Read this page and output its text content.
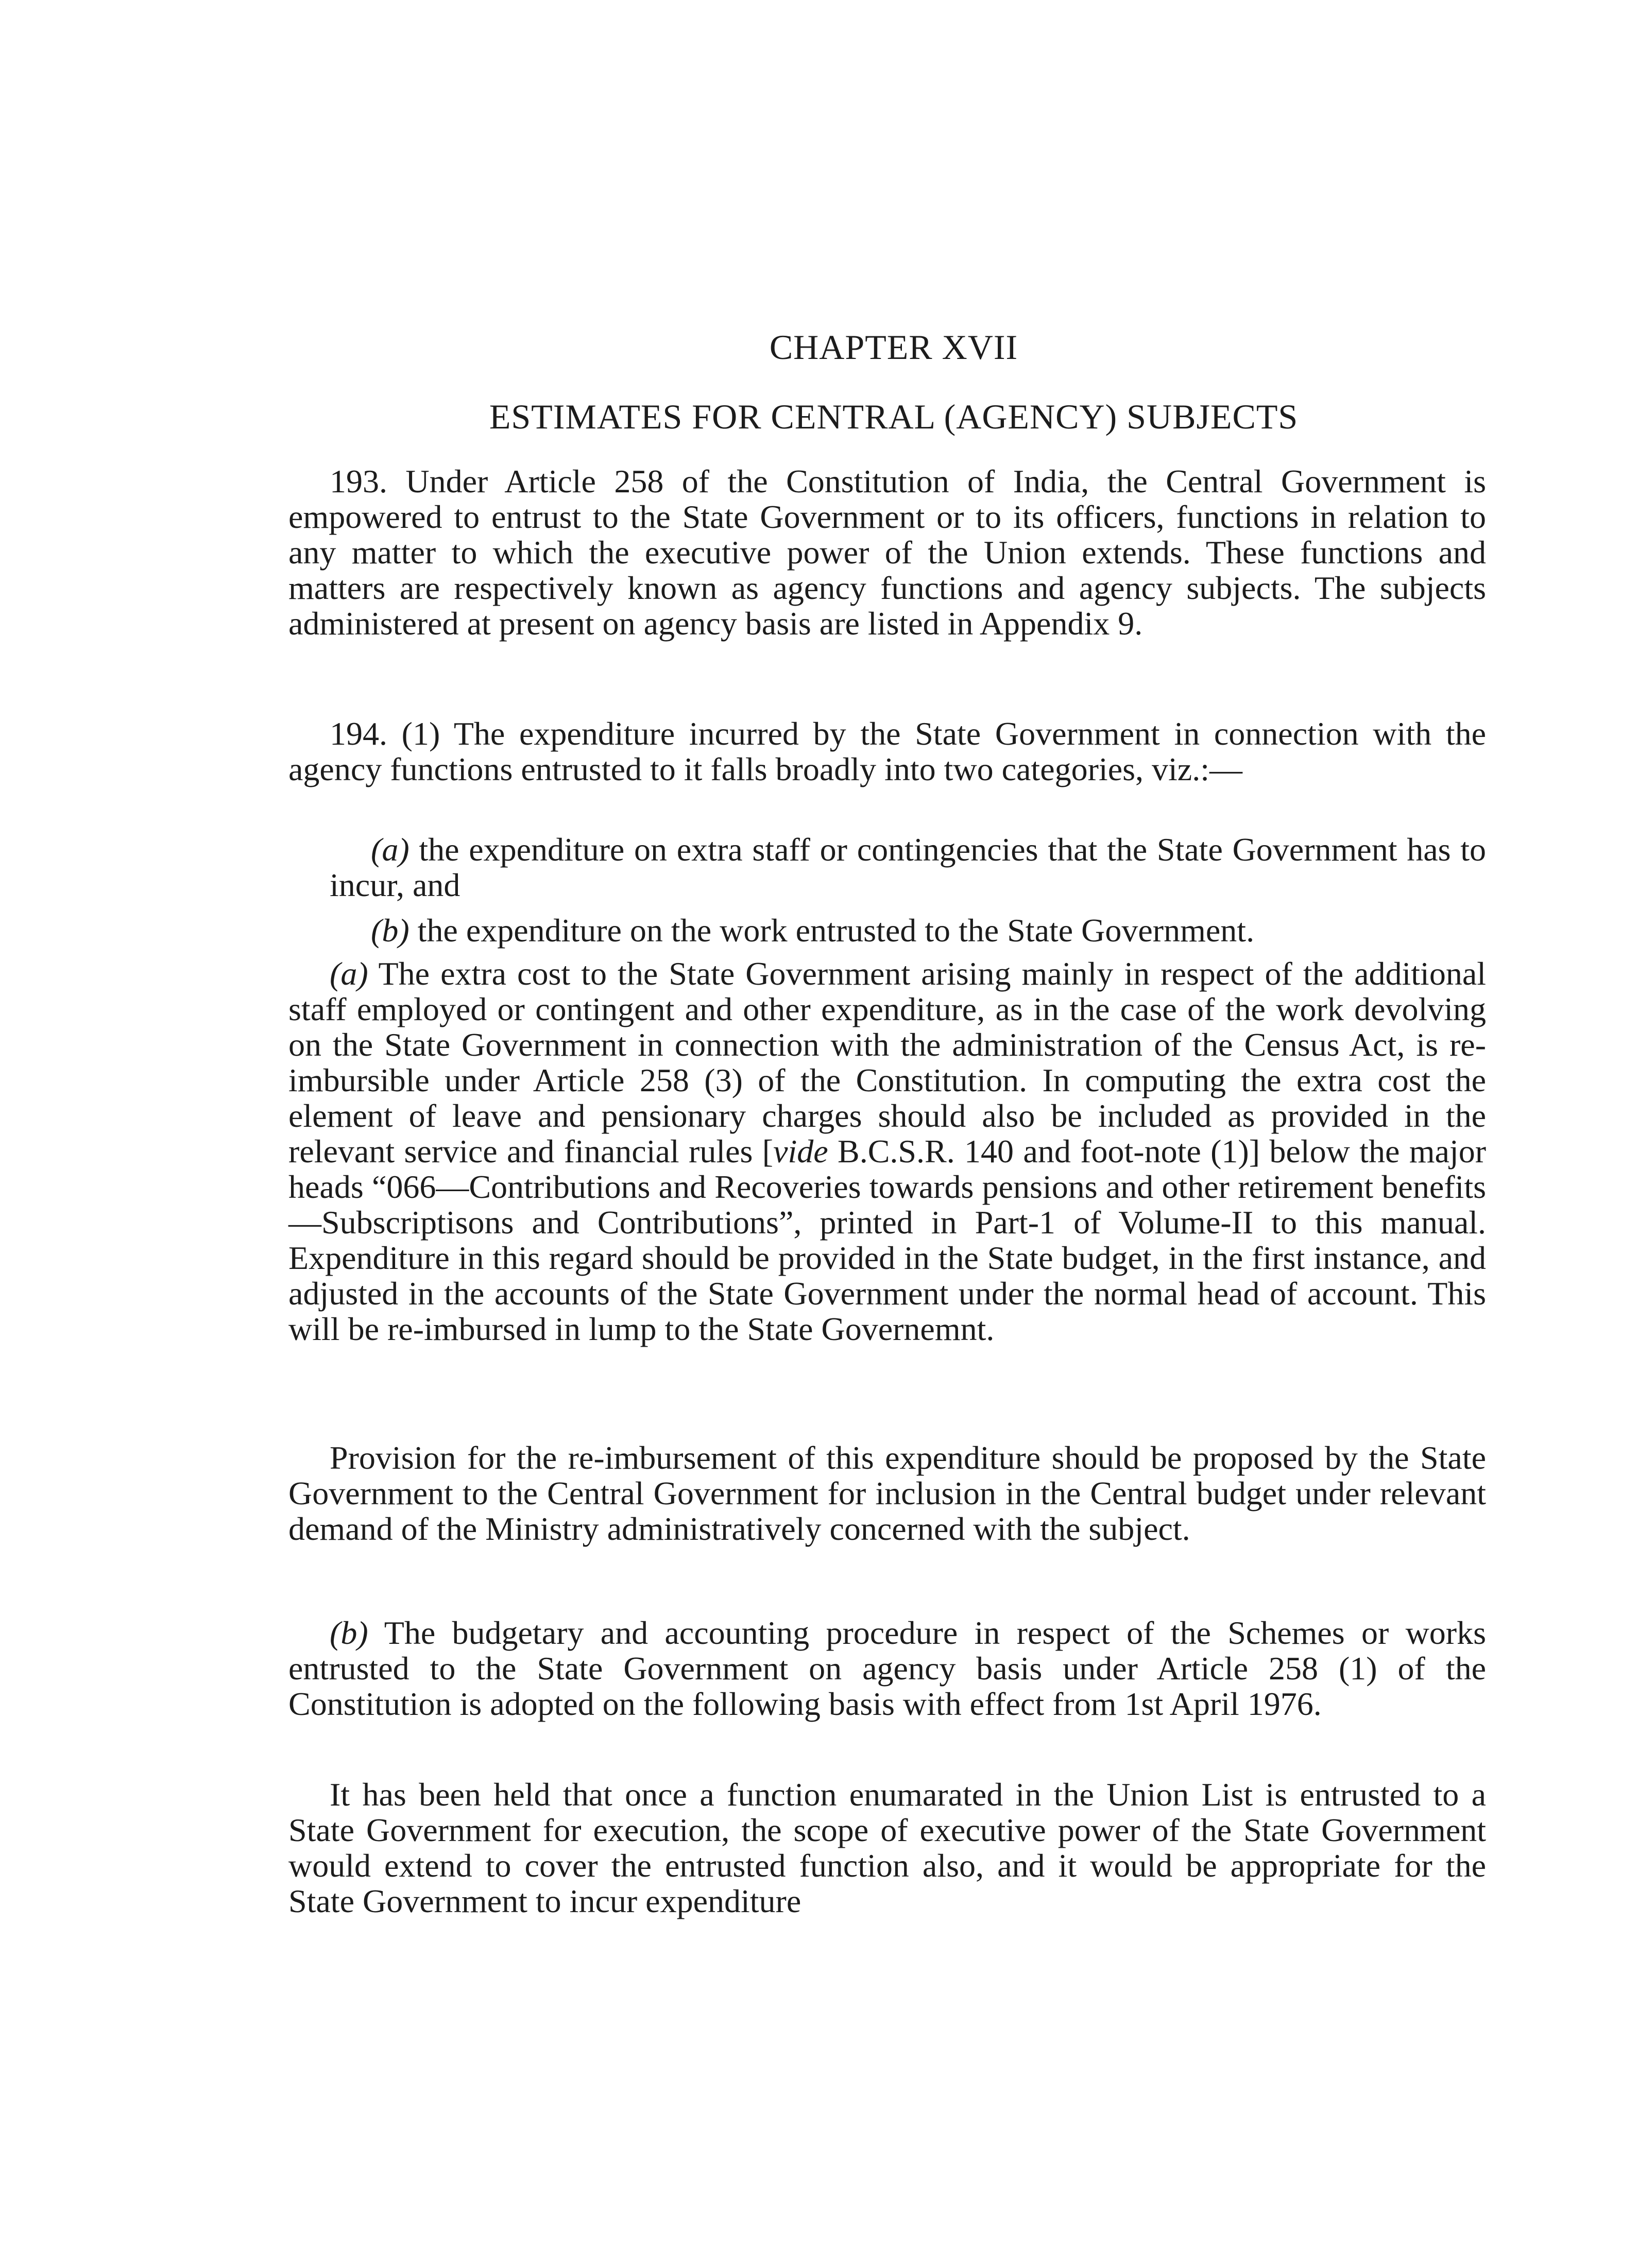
CHAPTER XVII
ESTIMATES FOR CENTRAL (AGENCY) SUBJECTS

193. Under Article 258 of the Constitution of India, the Central Government is empowered to entrust to the State Government or to its officers, functions in relation to any matter to which the executive power of the Union extends. These functions and matters are respectively known as agency functions and agency subjects. The subjects administered at present on agency basis are listed in Appendix 9.

194. (1) The expenditure incurred by the State Government in connection with the agency functions entrusted to it falls broadly into two categories, viz.:—

(a) the expenditure on extra staff or contingencies that the State Government has to incur, and

(b) the expenditure on the work entrusted to the State Government.

(a) The extra cost to the State Government arising mainly in respect of the additional staff employed or contingent and other expenditure, as in the case of the work devolving on the State Government in connection with the administration of the Census Act, is re-imbursible under Article 258 (3) of the Constitution. In computing the extra cost the element of leave and pensionary charges should also be included as provided in the relevant service and financial rules [vide B.C.S.R. 140 and foot-note (1)] below the major heads “066—Contributions and Recoveries towards pensions and other retirement benefits—Subscriptisons and Contributions”, printed in Part-1 of Volume-II to this manual. Expenditure in this regard should be provided in the State budget, in the first instance, and adjusted in the accounts of the State Government under the normal head of account. This will be re-imbursed in lump to the State Governemnt.

Provision for the re-imbursement of this expenditure should be proposed by the State Government to the Central Government for inclusion in the Central budget under relevant demand of the Ministry administratively concerned with the subject.

(b) The budgetary and accounting procedure in respect of the Schemes or works entrusted to the State Government on agency basis under Article 258 (1) of the Constitution is adopted on the following basis with effect from 1st April 1976.

It has been held that once a function enumarated in the Union List is entrusted to a State Government for execution, the scope of executive power of the State Government would extend to cover the entrusted function also, and it would be appropriate for the State Government to incur expenditure
